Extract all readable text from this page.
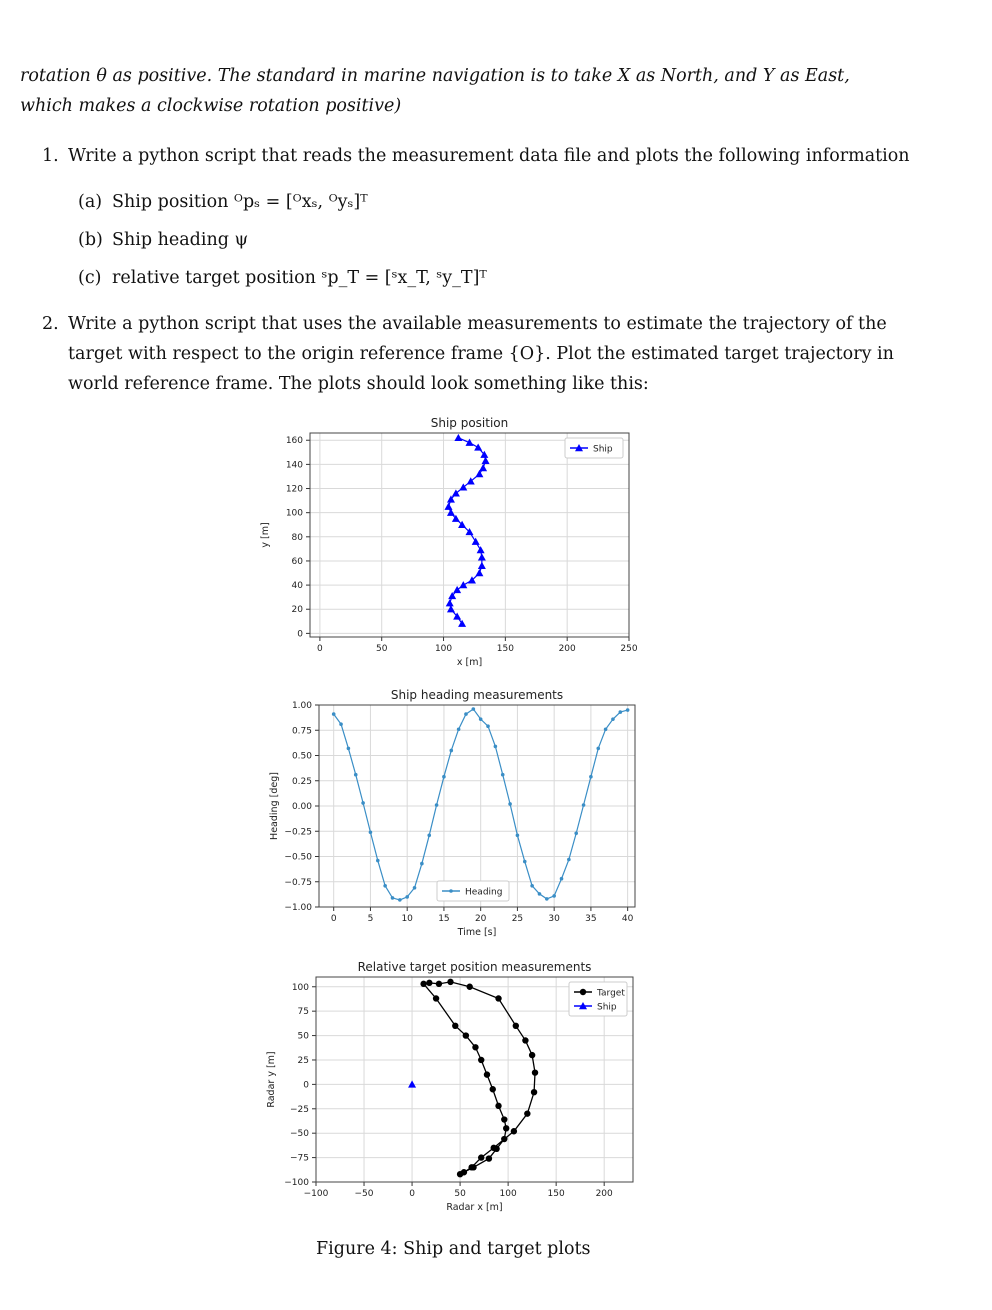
rotation θ as positive. The standard in marine navigation is to take X as North, and Y as East,
which makes a clockwise rotation positive)
1. Write a python script that reads the measurement data file and plots the following information
(a) Ship position ᴼpₛ = [ᴼxₛ, ᴼyₛ]ᵀ
(b) Ship heading ψ
(c) relative target position ˢp_T = [ˢx_T, ˢy_T]ᵀ
2. Write a python script that uses the available measurements to estimate the trajectory of the
target with respect to the origin reference frame {O}. Plot the estimated target trajectory in
world reference frame. The plots should look something like this:
0	50	100	150	200	250
0
20
40
60
80
100
120
140
160
Ship position
x [m]
y [m]
Ship
0	5	10	15	20	25	30	35	40
1.00
0.75
0.50
0.25
0.00
−0.25
−0.50
−0.75
−1.00
Ship heading measurements
Time [s]
Heading [deg]
Heading
−100	−50	0	50	100	150	200
100
75
50
25
0
−25
−50
−75
−100
Relative target position measurements
Radar x [m]
Radar y [m]
Target
Ship
Figure 4: Ship and target plots
